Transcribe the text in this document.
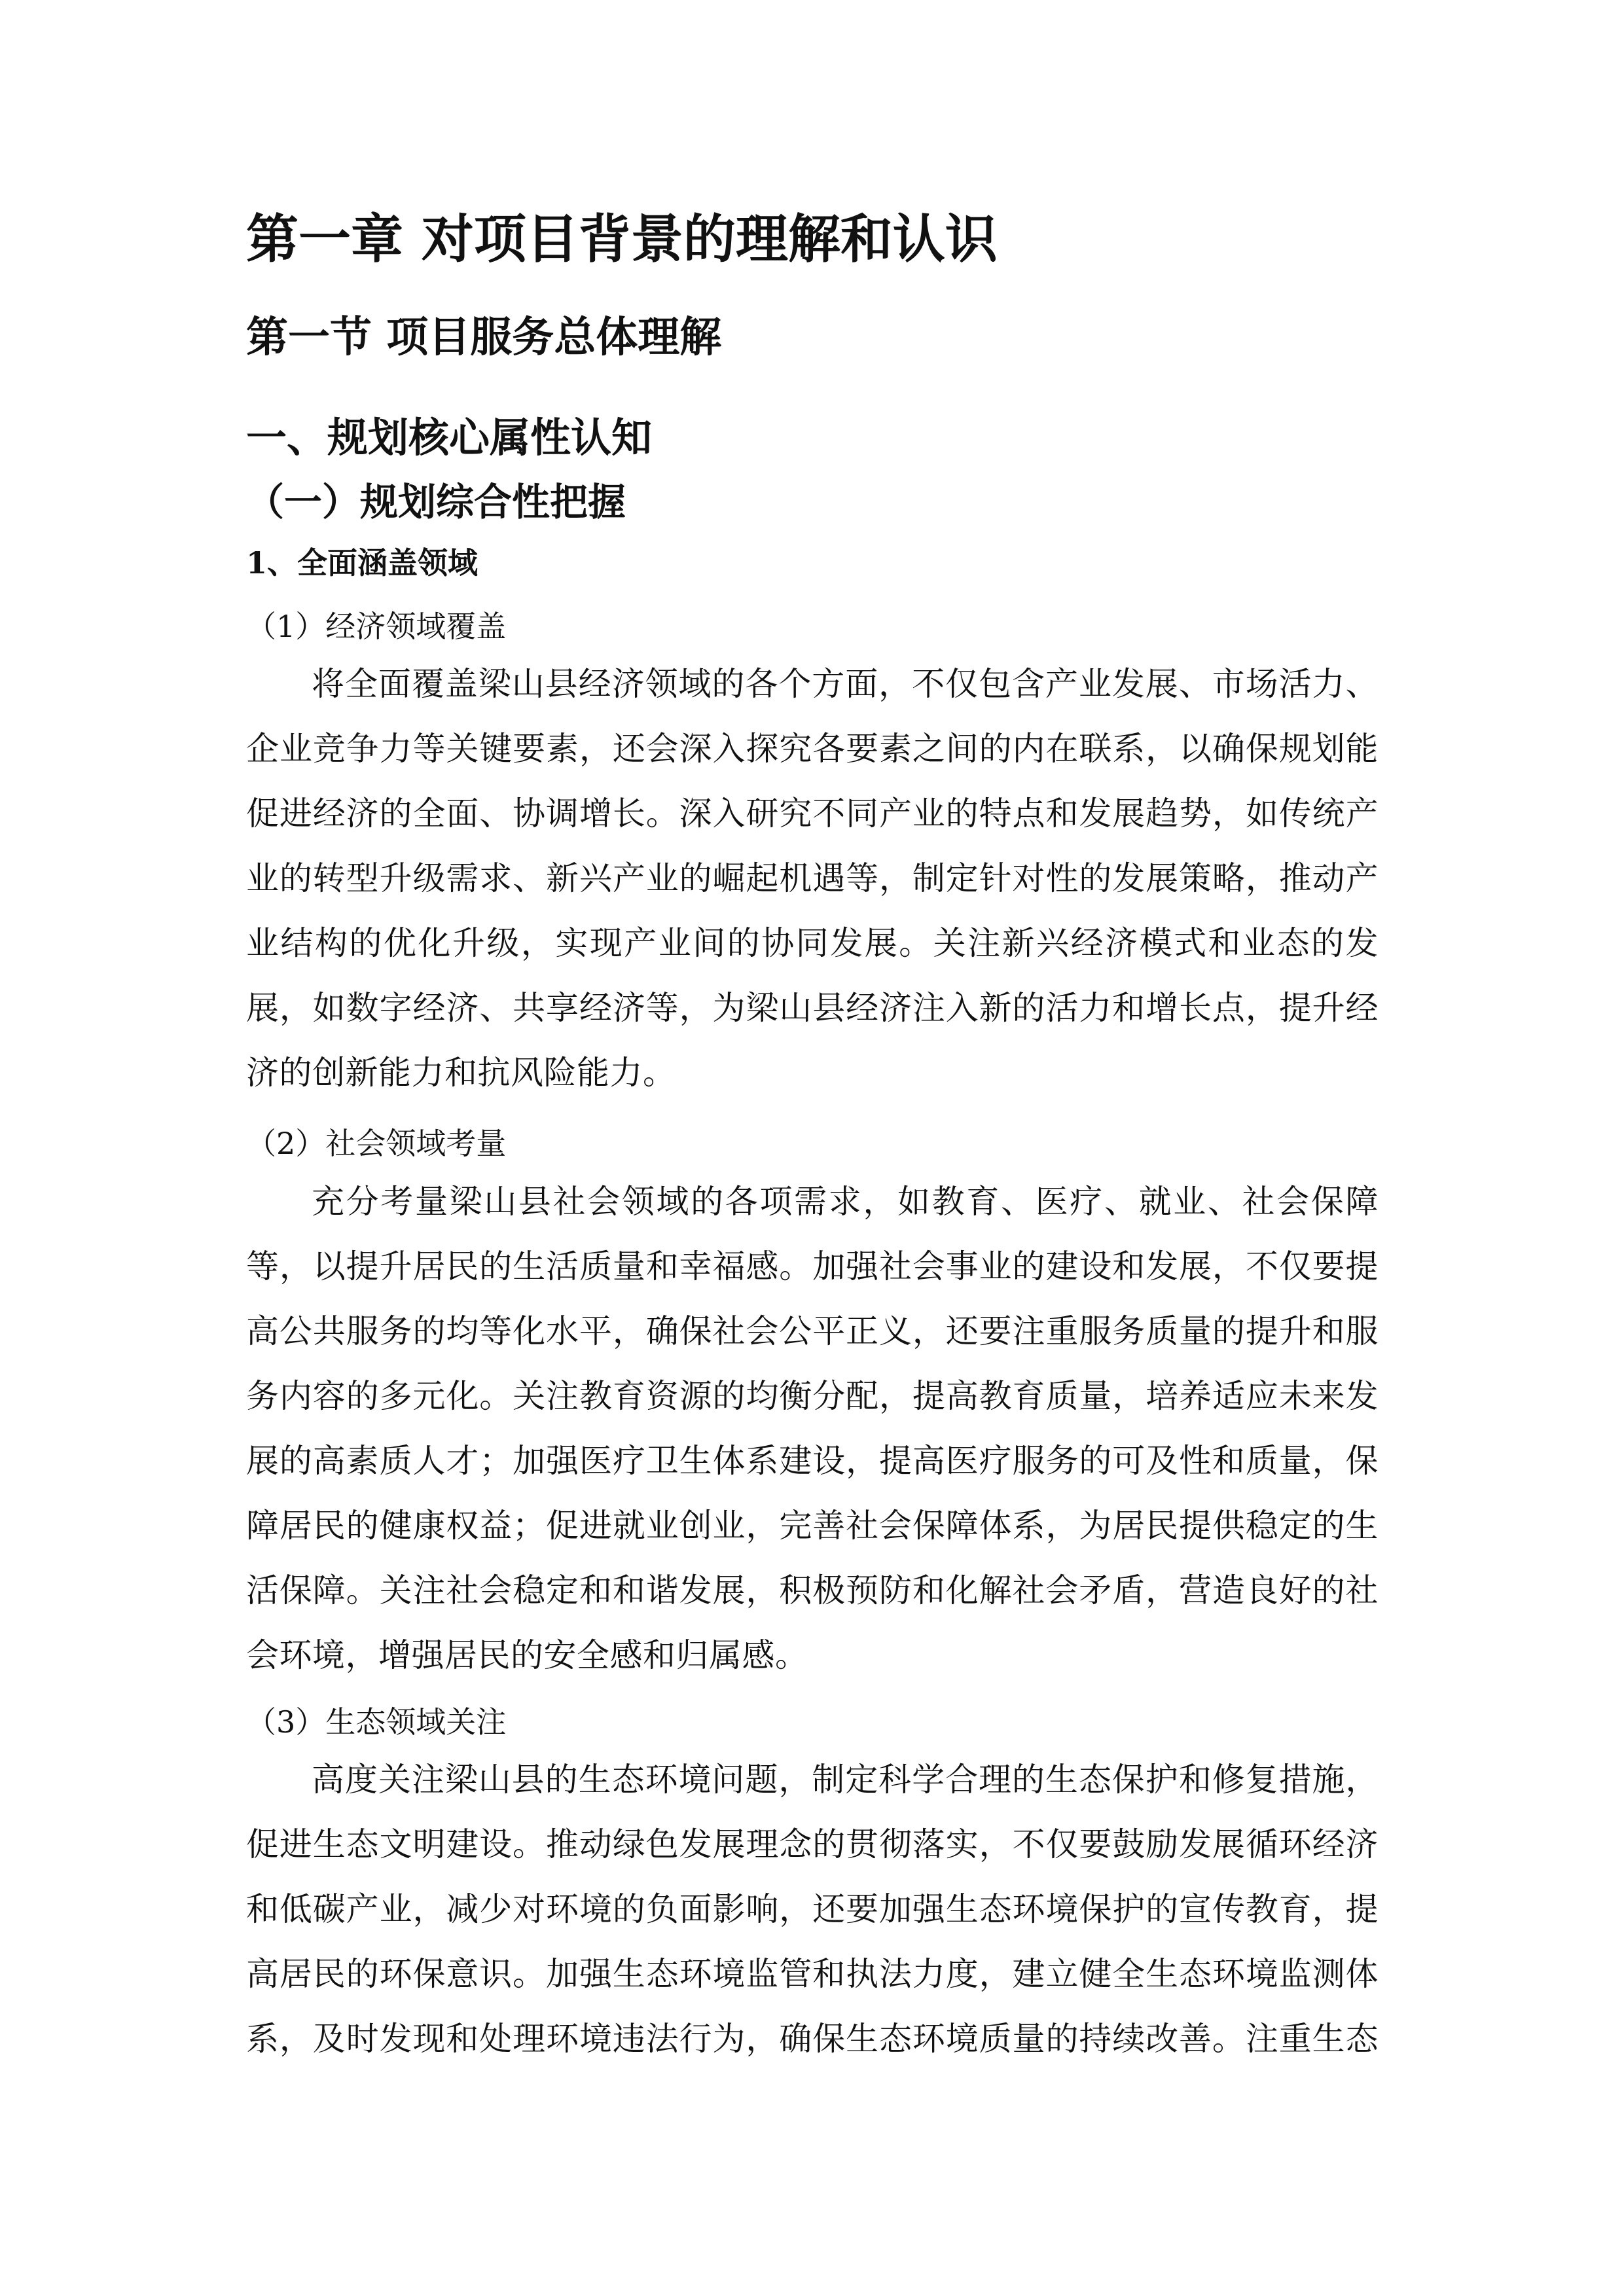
第一章 对项目背景的理解和认识
第一节 项目服务总体理解
一、规划核心属性认知
（一）规划综合性把握
1、全面涵盖领域
（1）经济领域覆盖
将全面覆盖梁山县经济领域的各个方面，不仅包含产业发展、市场活力、
企业竞争力等关键要素，还会深入探究各要素之间的内在联系，以确保规划能
促进经济的全面、协调增长。深入研究不同产业的特点和发展趋势，如传统产
业的转型升级需求、新兴产业的崛起机遇等，制定针对性的发展策略，推动产
业结构的优化升级，实现产业间的协同发展。关注新兴经济模式和业态的发
展，如数字经济、共享经济等，为梁山县经济注入新的活力和增长点，提升经
济的创新能力和抗风险能力。
（2）社会领域考量
充分考量梁山县社会领域的各项需求，如教育、医疗、就业、社会保障
等，以提升居民的生活质量和幸福感。加强社会事业的建设和发展，不仅要提
高公共服务的均等化水平，确保社会公平正义，还要注重服务质量的提升和服
务内容的多元化。关注教育资源的均衡分配，提高教育质量，培养适应未来发
展的高素质人才；加强医疗卫生体系建设，提高医疗服务的可及性和质量，保
障居民的健康权益；促进就业创业，完善社会保障体系，为居民提供稳定的生
活保障。关注社会稳定和和谐发展，积极预防和化解社会矛盾，营造良好的社
会环境，增强居民的安全感和归属感。
（3）生态领域关注
高度关注梁山县的生态环境问题，制定科学合理的生态保护和修复措施，
促进生态文明建设。推动绿色发展理念的贯彻落实，不仅要鼓励发展循环经济
和低碳产业，减少对环境的负面影响，还要加强生态环境保护的宣传教育，提
高居民的环保意识。加强生态环境监管和执法力度，建立健全生态环境监测体
系，及时发现和处理环境违法行为，确保生态环境质量的持续改善。注重生态
